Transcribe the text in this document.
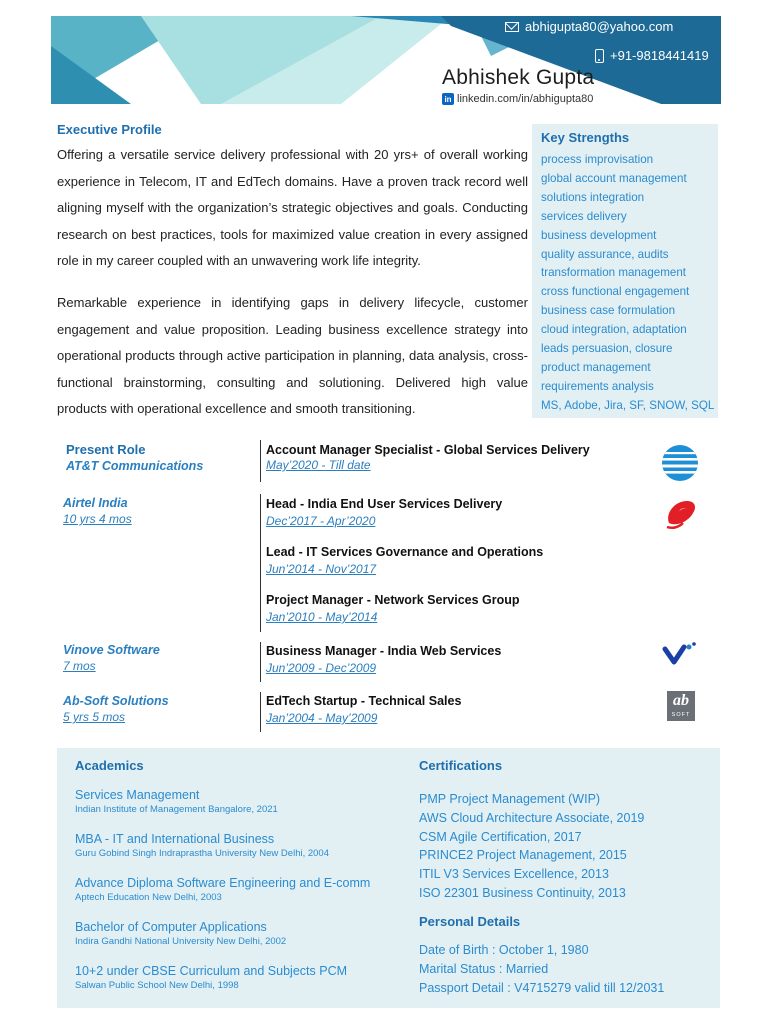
abhigupta80@yahoo.com
+91-9818441419
Abhishek Gupta
in linkedin.com/in/abhigupta80
Executive Profile

Offering a versatile service delivery professional with 20 yrs+ of overall working experience in Telecom, IT and EdTech domains. Have a proven track record well aligning myself with the organization’s strategic objectives and goals. Conducting research on best practices, tools for maximized value creation in every assigned role in my career coupled with an unwavering work life integrity.

Remarkable experience in identifying gaps in delivery lifecycle, customer engagement and value proposition. Leading business excellence strategy into operational products through active participation in planning, data analysis, cross-functional brainstorming, consulting and solutioning. Delivered high value products with operational excellence and smooth transitioning.

Key Strengths
process improvisation
global account management
solutions integration
services delivery
business development
quality assurance, audits
transformation management
cross functional engagement
business case formulation
cloud integration, adaptation
leads persuasion, closure
product management
requirements analysis
MS, Adobe, Jira, SF, SNOW, SQL
Present Role
AT&T Communications
Airtel India
10 yrs 4 mos
Vinove Software
7 mos
Ab-Soft Solutions
5 yrs 5 mos
Account Manager Specialist - Global Services Delivery
May’2020 - Till date
Head - India End User Services Delivery
Dec’2017 - Apr’2020
Lead - IT Services Governance and Operations
Jun’2014 - Nov’2017
Project Manager - Network Services Group
Jan’2010 - May’2014
Business Manager - India Web Services
Jun’2009 - Dec’2009
EdTech Startup - Technical Sales
Jan’2004 - May’2009
ab
SOFT
Academics
Services Management
Indian Institute of Management Bangalore, 2021
MBA - IT and International Business
Guru Gobind Singh Indraprastha University New Delhi, 2004
Advance Diploma Software Engineering and E-comm
Aptech Education New Delhi, 2003
Bachelor of Computer Applications
Indira Gandhi National University New Delhi, 2002
10+2 under CBSE Curriculum and Subjects PCM
Salwan Public School New Delhi, 1998
Certifications
PMP Project Management (WIP)
AWS Cloud Architecture Associate, 2019
CSM Agile Certification, 2017
PRINCE2 Project Management, 2015
ITIL V3 Services Excellence, 2013
ISO 22301 Business Continuity, 2013
Personal Details
Date of Birth : October 1, 1980
Marital Status : Married
Passport Detail : V4715279 valid till 12/2031
